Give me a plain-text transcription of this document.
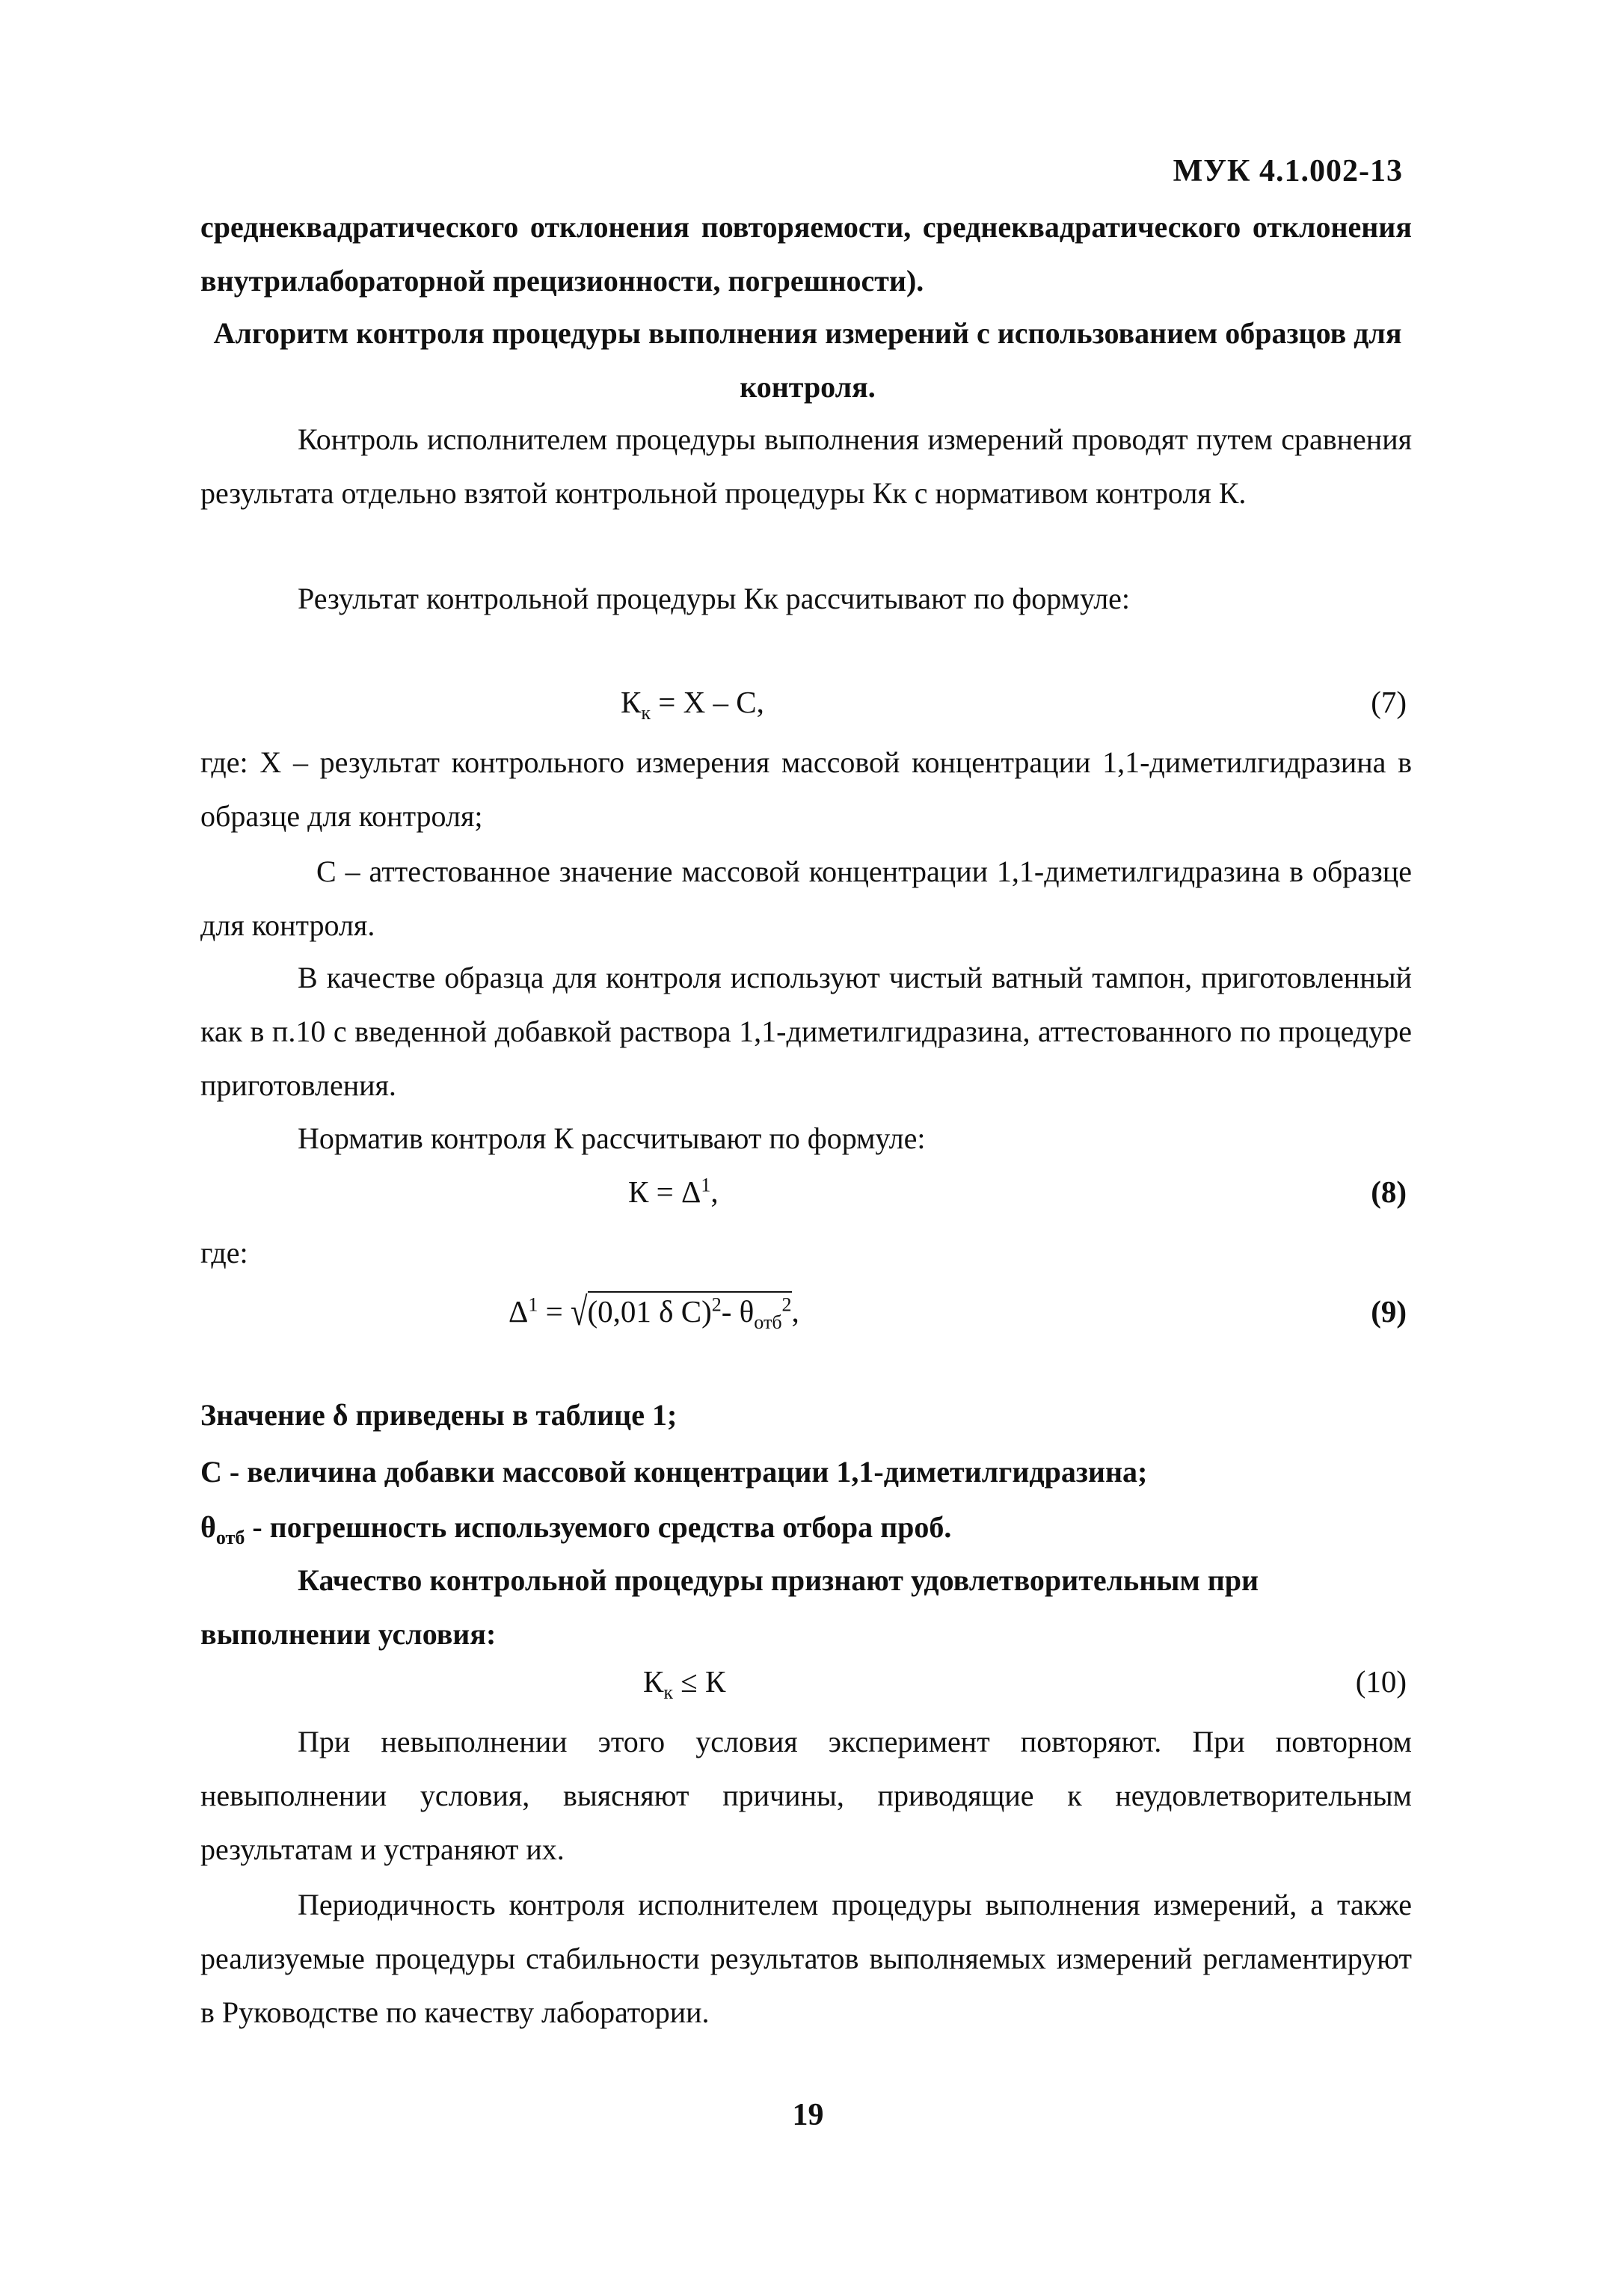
МУК 4.1.002-13
среднеквадратического отклонения повторяемости, среднеквадратического отклонения внутрилабораторной прецизионности, погрешности).
Алгоритм контроля процедуры выполнения измерений с использованием образцов для контроля.
Контроль исполнителем процедуры выполнения измерений проводят путем сравнения результата отдельно взятой контрольной процедуры Кк с нормативом контроля К.
Результат контрольной процедуры Кк рассчитывают по формуле:
$К_к = X - C$,	(7)
где: X – результат контрольного измерения массовой концентрации 1,1-диметилгидразина в образце для контроля;
С – аттестованное значение массовой концентрации 1,1-диметилгидразина в образце для контроля.
В качестве образца для контроля используют чистый ватный тампон, приготовленный как в п.10 с введенной добавкой раствора 1,1-диметилгидразина, аттестованного по процедуре приготовления.
Норматив контроля К рассчитывают по формуле:
$К = \Delta^1$,	(8)
где:
$\Delta^1 = √(0,01$ δ C)$^2$- $\theta_{отб}^2$,	(9)
Значение δ приведены в таблице 1;
С - величина добавки массовой концентрации 1,1-диметилгидразина;
$\theta_{отб}$ - погрешность используемого средства отбора проб.
Качество контрольной процедуры признают удовлетворительным при выполнении условия:
$К_к \le К$	(10)
При невыполнении этого условия эксперимент повторяют. При повторном невыполнении условия, выясняют причины, приводящие к неудовлетворительным результатам и устраняют их.
Периодичность контроля исполнителем процедуры выполнения измерений, а также реализуемые процедуры стабильности результатов выполняемых измерений регламентируют в Руководстве по качеству лаборатории.
19
